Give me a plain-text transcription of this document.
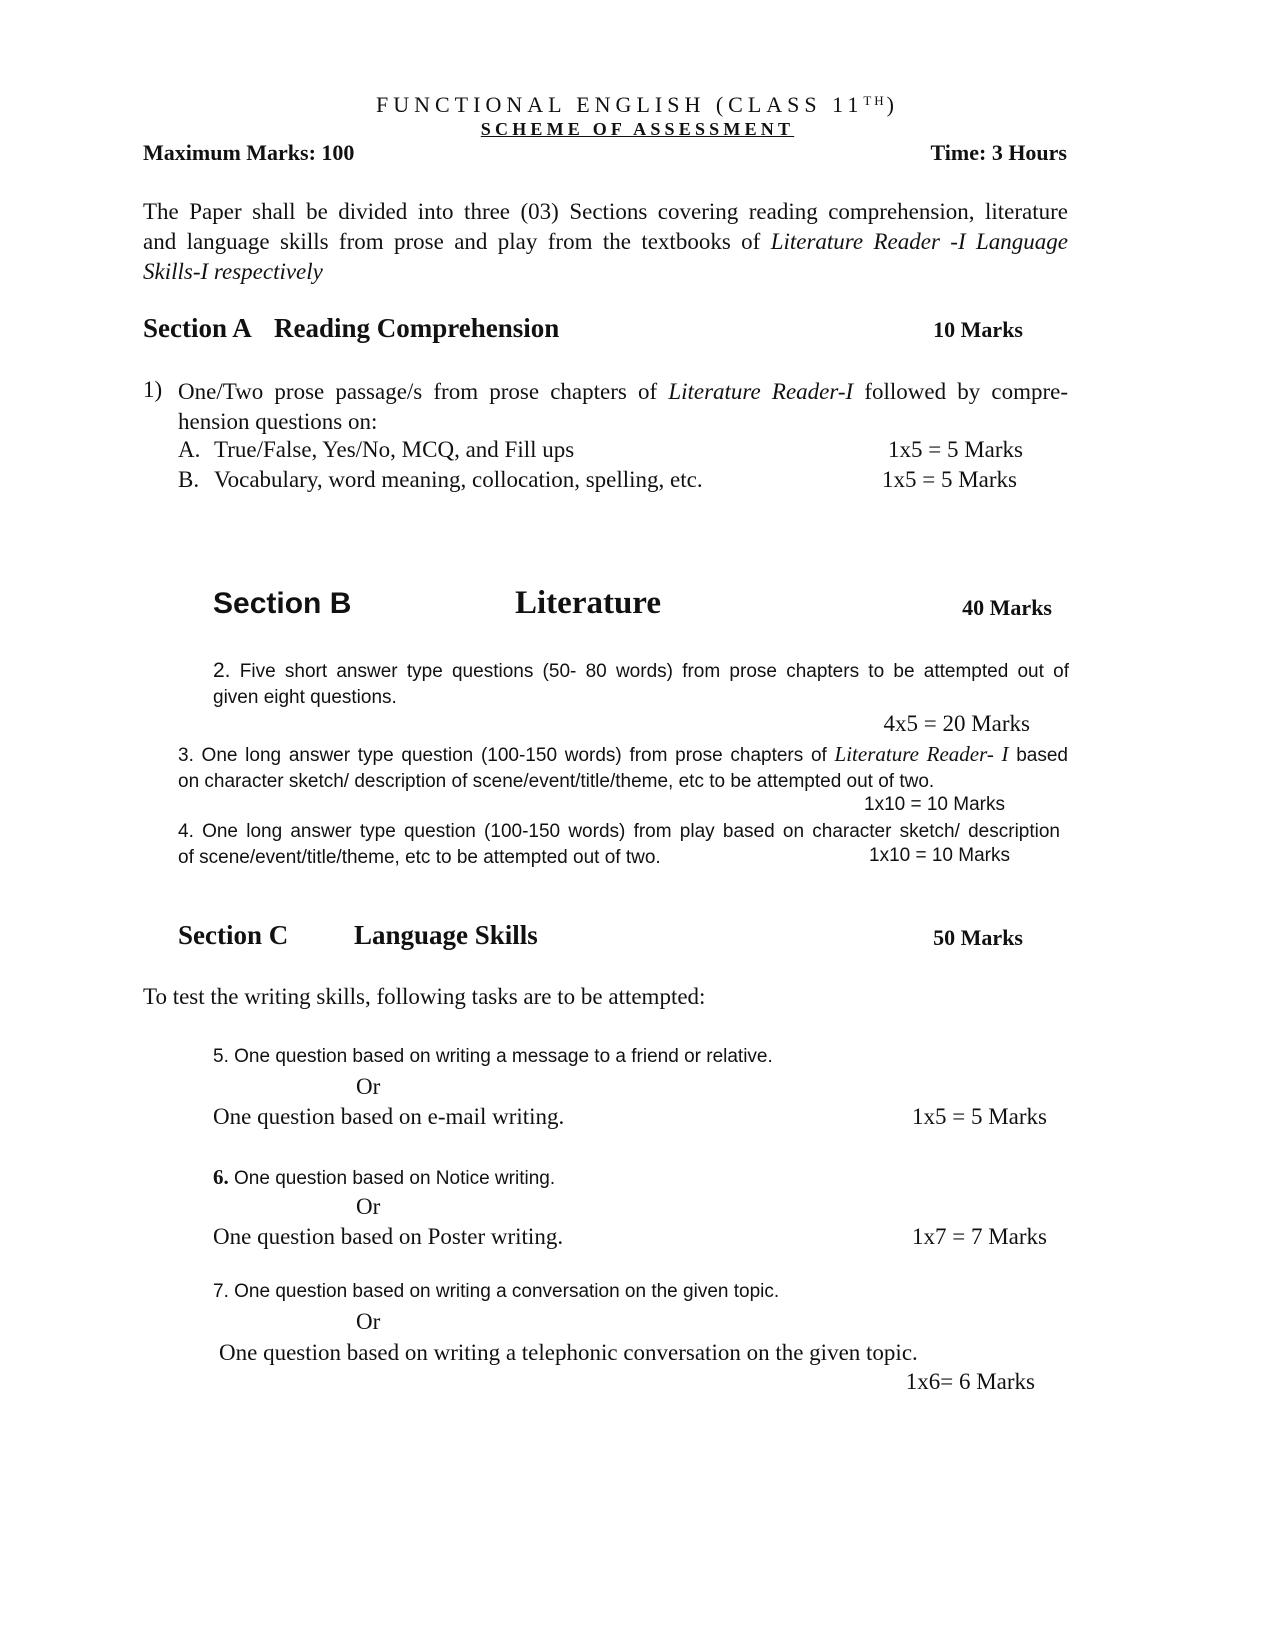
FUNCTIONAL ENGLISH (CLASS 11TH)
SCHEME OF ASSESSMENT
Maximum Marks: 100	Time: 3 Hours
The Paper shall be divided into three (03) Sections covering reading comprehension, literature
and language skills from prose and play from the textbooks of Literature Reader -I Language
Skills-I respectively
Section A Reading Comprehension	10 Marks
1) One/Two prose passage/s from prose chapters of Literature Reader-I followed by compre-
hension questions on:
A. True/False, Yes/No, MCQ, and Fill ups	1x5 = 5 Marks
B. Vocabulary, word meaning, collocation, spelling, etc.	1x5 = 5 Marks
Section B	Literature	40 Marks
2. Five short answer type questions (50- 80 words) from prose chapters to be attempted out of
given eight questions.
4x5 = 20 Marks
3. One long answer type question (100-150 words) from prose chapters of Literature Reader- I based
on character sketch/ description of scene/event/title/theme, etc to be attempted out of two.
1x10 = 10 Marks
4. One long answer type question (100-150 words) from play based on character sketch/ description
of scene/event/title/theme, etc to be attempted out of two.	1x10 = 10 Marks
Section C Language Skills	50 Marks
To test the writing skills, following tasks are to be attempted:
5. One question based on writing a message to a friend or relative.
Or
One question based on e-mail writing.	1x5 = 5 Marks
6. One question based on Notice writing.
Or
One question based on Poster writing.	1x7 = 7 Marks
7. One question based on writing a conversation on the given topic.
Or
One question based on writing a telephonic conversation on the given topic.
1x6= 6 Marks
